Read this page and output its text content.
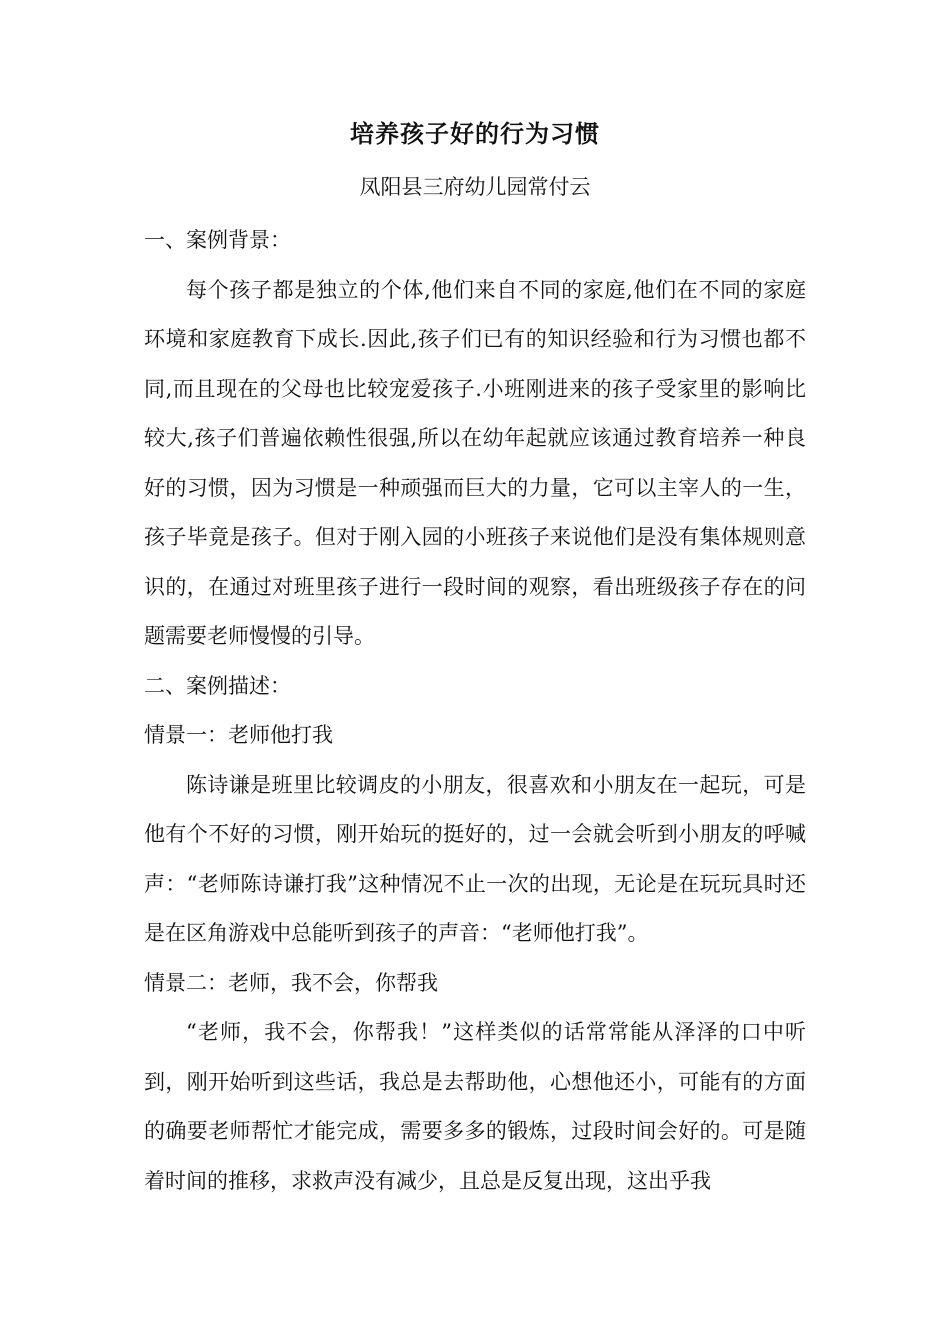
培养孩子好的行为习惯
凤阳县三府幼儿园常付云

一、案例背景：

每个孩子都是独立的个体,他们来自不同的家庭,他们在不同的家庭环境和家庭教育下成长.因此,孩子们已有的知识经验和行为习惯也都不同,而且现在的父母也比较宠爱孩子.小班刚进来的孩子受家里的影响比较大,孩子们普遍依赖性很强,所以在幼年起就应该通过教育培养一种良好的习惯，因为习惯是一种顽强而巨大的力量，它可以主宰人的一生，孩子毕竟是孩子。但对于刚入园的小班孩子来说他们是没有集体规则意识的，在通过对班里孩子进行一段时间的观察，看出班级孩子存在的问题需要老师慢慢的引导。

二、案例描述：

情景一：老师他打我

陈诗谦是班里比较调皮的小朋友，很喜欢和小朋友在一起玩，可是他有个不好的习惯，刚开始玩的挺好的，过一会就会听到小朋友的呼喊声：“老师陈诗谦打我”这种情况不止一次的出现，无论是在玩玩具时还是在区角游戏中总能听到孩子的声音：“老师他打我”。

情景二：老师，我不会，你帮我

“老师，我不会，你帮我！”这样类似的话常常能从泽泽的口中听到，刚开始听到这些话，我总是去帮助他，心想他还小，可能有的方面的确要老师帮忙才能完成，需要多多的锻炼，过段时间会好的。可是随着时间的推移，求救声没有减少，且总是反复出现，这出乎我
